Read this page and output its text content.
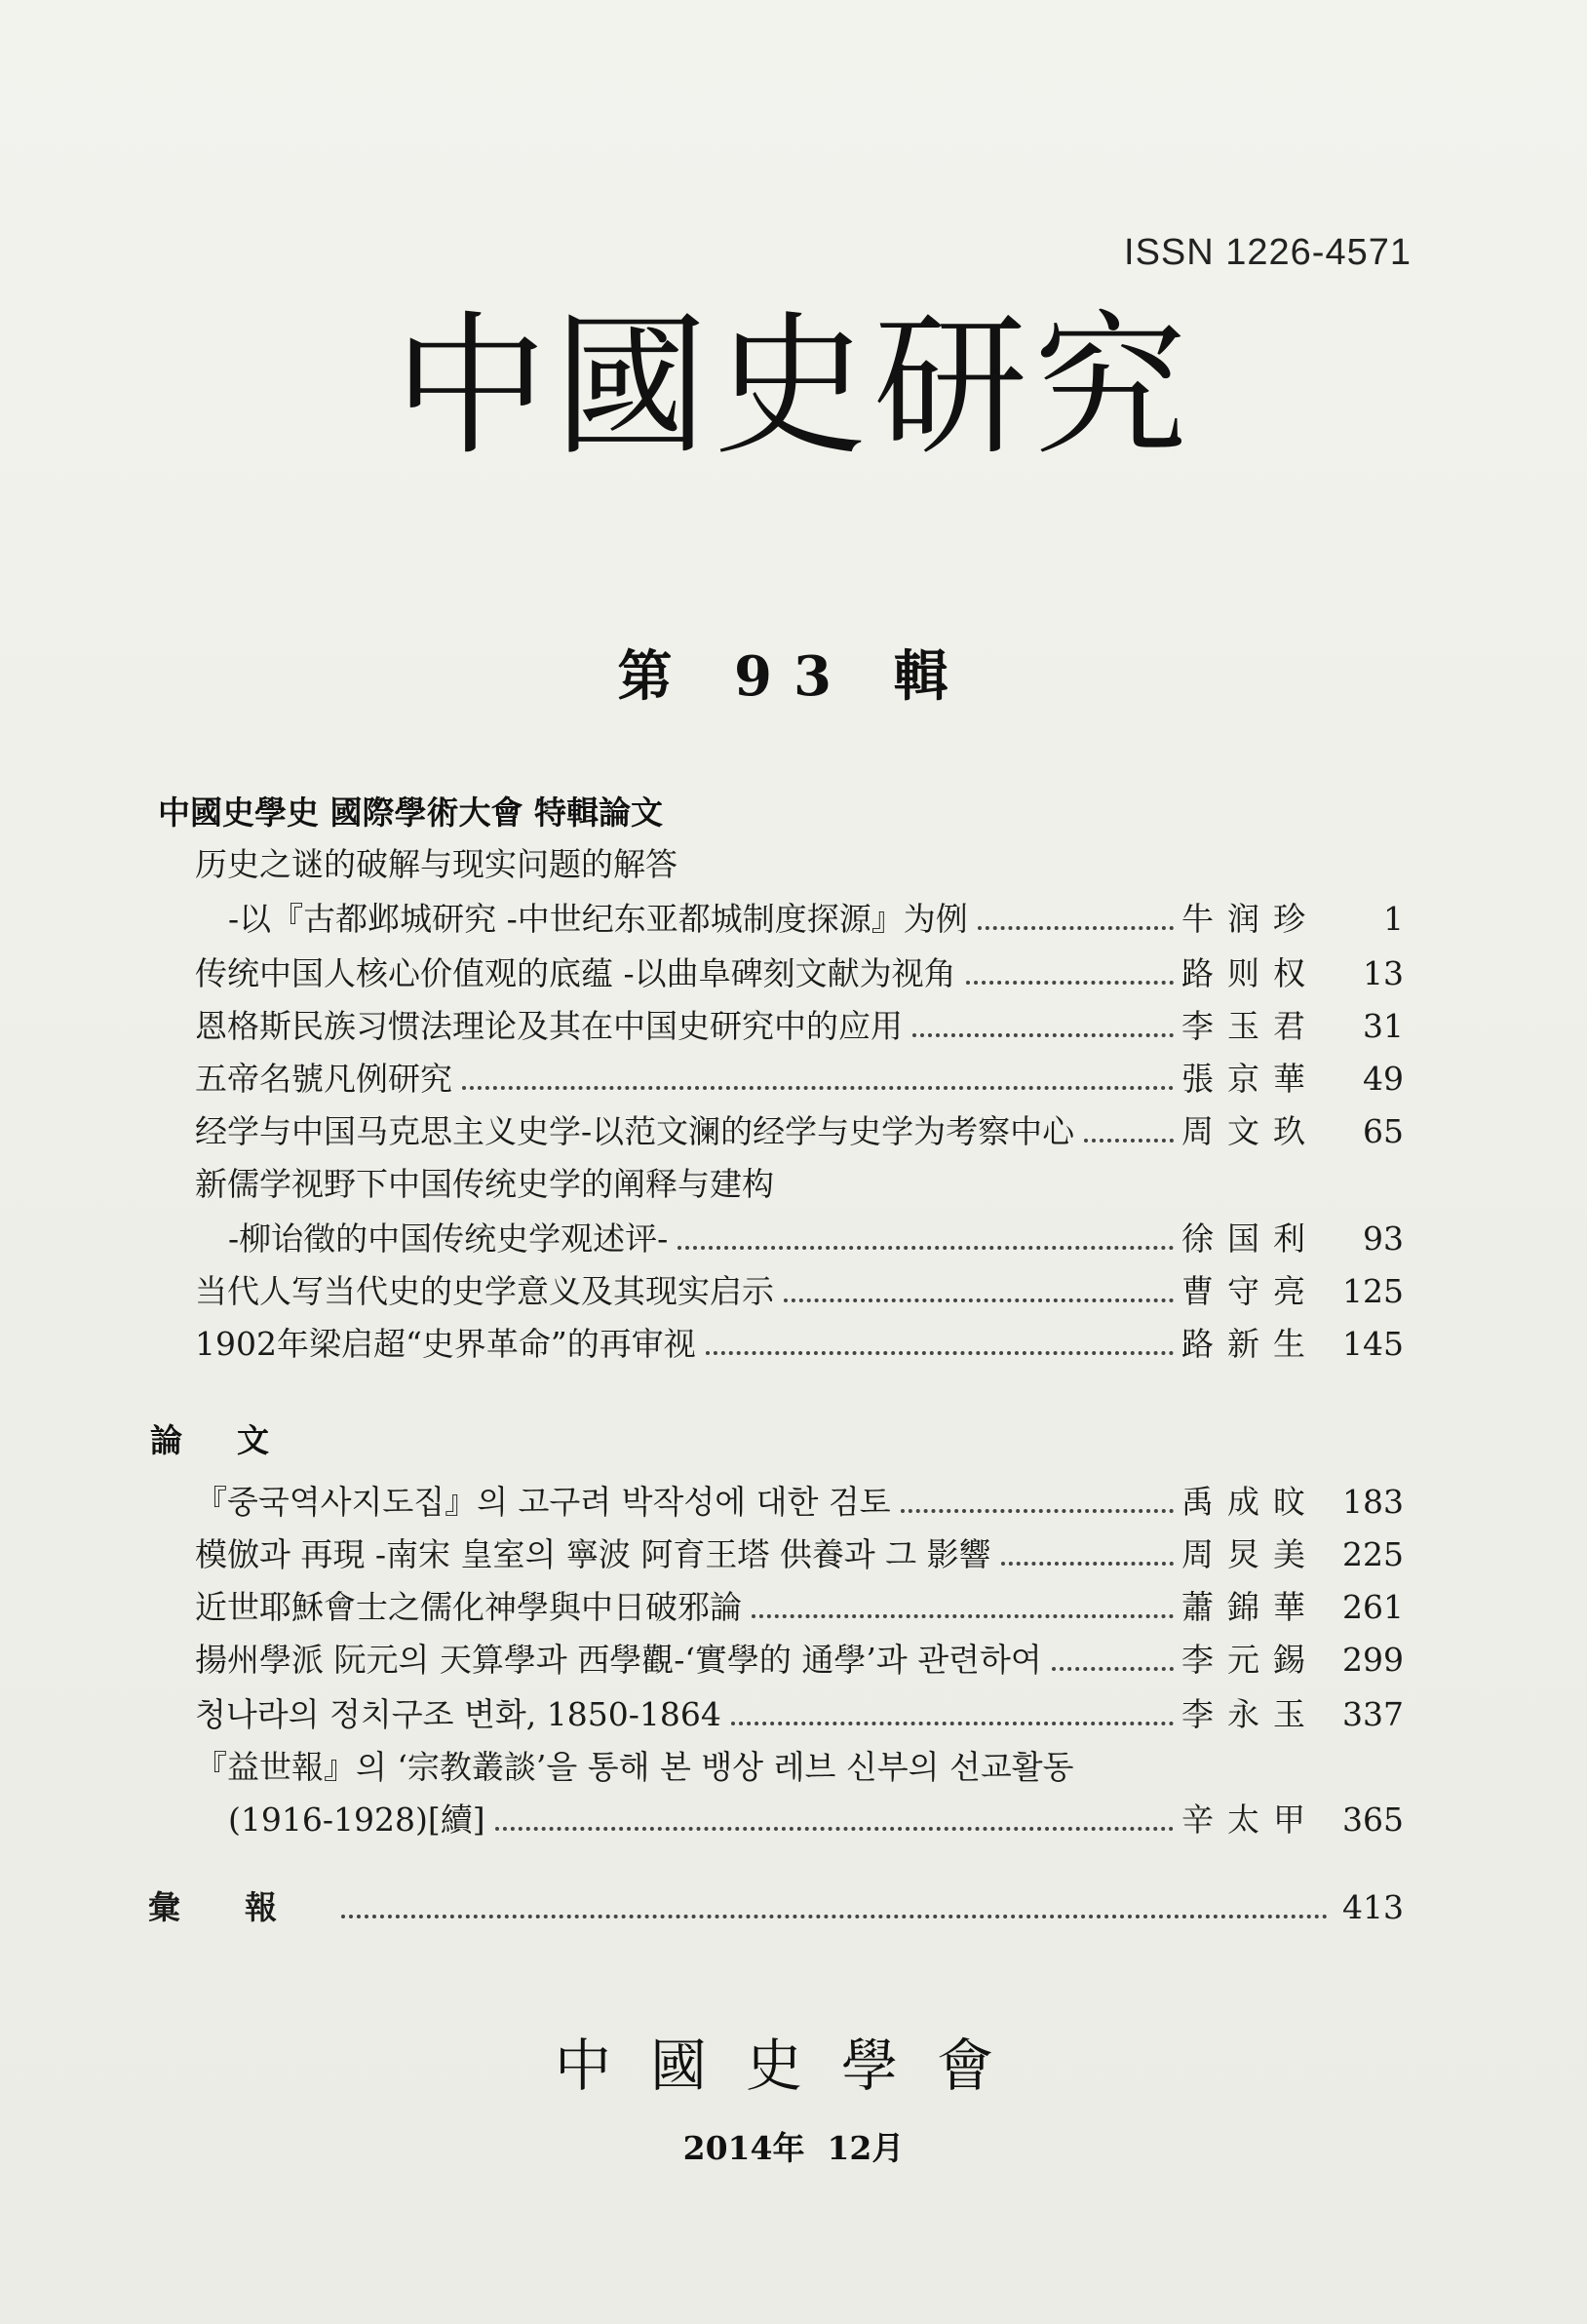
ISSN 1226-4571
中國史研究
第 93 輯
中國史學史 國際學術大會 特輯論文
历史之谜的破解与现实问题的解答
-以『古都邺城研究 -中世纪东亚都城制度探源』为例	牛润珍	1
传统中国人核心价值观的底蕴 -以曲阜碑刻文献为视角	路则权	13
恩格斯民族习惯法理论及其在中国史研究中的应用	李玉君	31
五帝名號凡例研究	張京華	49
经学与中国马克思主义史学-以范文澜的经学与史学为考察中心	周文玖	65
新儒学视野下中国传统史学的阐释与建构
-柳诒徵的中国传统史学观述评-	徐国利	93
当代人写当代史的史学意义及其现实启示	曹守亮 125
1902年梁启超“史界革命”的再审视	路新生 145
論    文
『중국역사지도집』의 고구려 박작성에 대한 검토	禹成旼 183
模倣과 再現 -南宋 皇室의 寧波 阿育王塔 供養과 그 影響	周炅美 225
近世耶穌會士之儒化神學與中日破邪論	蕭錦華 261
揚州學派 阮元의 天算學과 西學觀-‘實學的 通學’과 관련하여	李元錫 299
청나라의 정치구조 변화, 1850-1864	李永玉 337
『益世報』의 ‘宗教叢談’을 통해 본 뱅상 레브 신부의 선교활동
(1916-1928)[續]	辛太甲 365
彙報	413
中國史學會
2014年  12月
